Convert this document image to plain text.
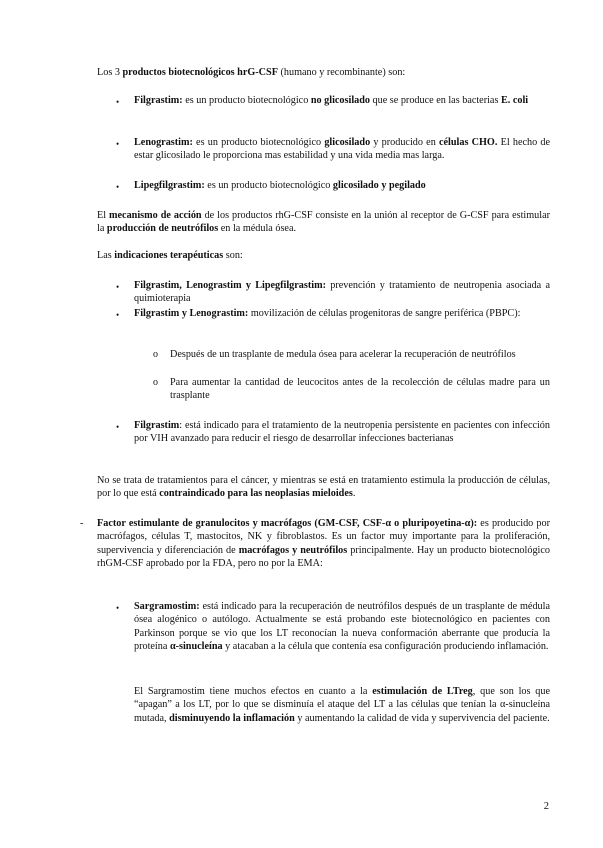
Los 3 productos biotecnológicos hrG-CSF (humano y recombinante) son:
• Filgrastim: es un producto biotecnológico no glicosilado que se produce en las bacterias E. coli
• Lenograstim: es un producto biotecnológico glicosilado y producido en células CHO. El hecho de estar glicosilado le proporciona mas estabilidad y una vida media mas larga.
• Lipegfilgrastim: es un producto biotecnológico glicosilado y pegilado
El mecanismo de acción de los productos rhG-CSF consiste en la unión al receptor de G-CSF para estimular la producción de neutrófilos en la médula ósea.
Las indicaciones terapéuticas son:
• Filgrastim, Lenograstim y Lipegfilgrastim: prevención y tratamiento de neutropenia asociada a quimioterapia
• Filgrastim y Lenograstim: movilización de células progenitoras de sangre periférica (PBPC):
o Después de un trasplante de medula ósea para acelerar la recuperación de neutrófilos
o Para aumentar la cantidad de leucocitos antes de la recolección de células madre para un trasplante
• Filgrastim: está indicado para el tratamiento de la neutropenia persistente en pacientes con infección por VIH avanzado para reducir el riesgo de desarrollar infecciones bacterianas
No se trata de tratamientos para el cáncer, y mientras se está en tratamiento estimula la producción de células, por lo que está contraindicado para las neoplasias mieloides.
- Factor estimulante de granulocitos y macrófagos (GM-CSF, CSF-α o pluripoyetina-α): es producido por macrófagos, células T, mastocitos, NK y fibroblastos. Es un factor muy importante para la proliferación, supervivencia y diferenciación de macrófagos y neutrófilos principalmente. Hay un producto biotecnológico rhGM-CSF aprobado por la FDA, pero no por la EMA:
• Sargramostim: está indicado para la recuperación de neutrófilos después de un trasplante de médula ósea alogénico o autólogo. Actualmente se está probando este biotecnológico en pacientes con Parkinson porque se vio que los LT reconocían la nueva conformación aberrante que producía la proteína α-sinucleína y atacaban a la célula que contenía esa configuración produciendo inflamación.
El Sargramostim tiene muchos efectos en cuanto a la estimulación de LTreg, que son los que “apagan” a los LT, por lo que se disminuía el ataque del LT a las células que tenían la α-sinucleína mutada, disminuyendo la inflamación y aumentando la calidad de vida y supervivencia del paciente.
2
